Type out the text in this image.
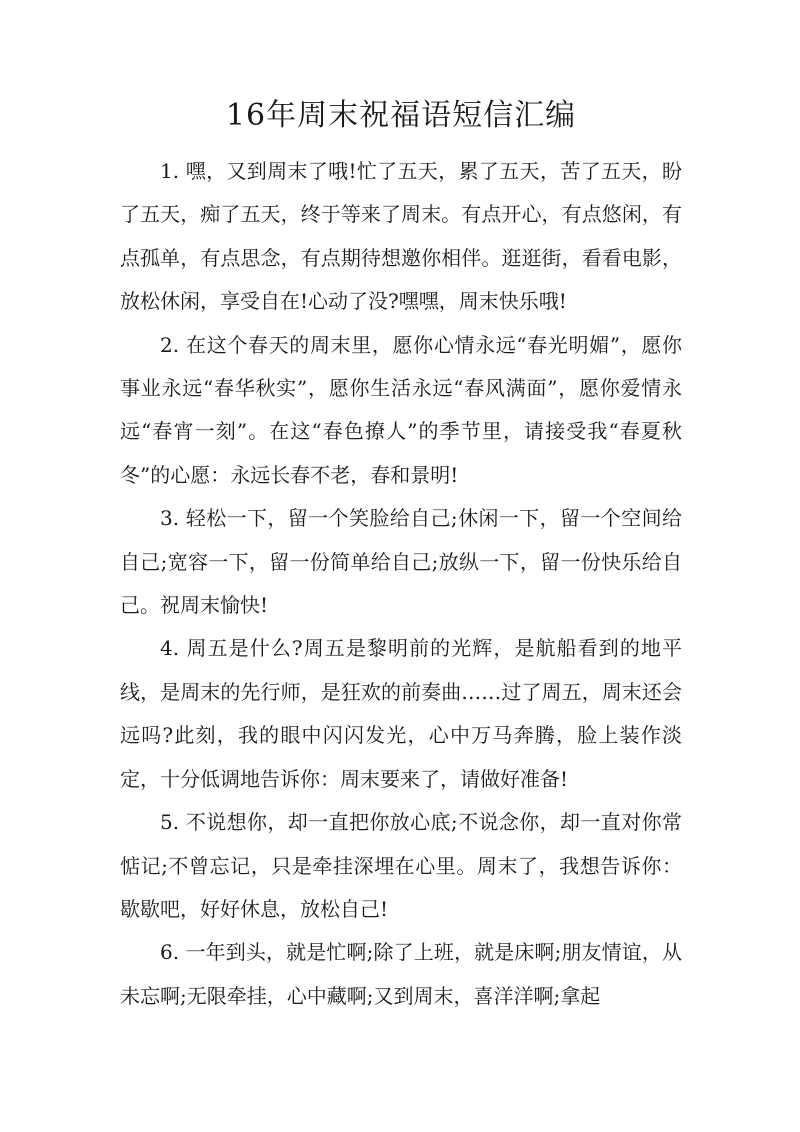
16年周末祝福语短信汇编

1. 嘿，又到周末了哦!忙了五天，累了五天，苦了五天，盼了五天，痴了五天，终于等来了周末。有点开心，有点悠闲，有点孤单，有点思念，有点期待想邀你相伴。逛逛街，看看电影，放松休闲，享受自在!心动了没?嘿嘿，周末快乐哦!

2. 在这个春天的周末里，愿你心情永远“春光明媚”，愿你事业永远“春华秋实”，愿你生活永远“春风满面”，愿你爱情永远“春宵一刻”。在这“春色撩人”的季节里，请接受我“春夏秋冬”的心愿：永远长春不老，春和景明!

3. 轻松一下，留一个笑脸给自己;休闲一下，留一个空间给自己;宽容一下，留一份简单给自己;放纵一下，留一份快乐给自己。祝周末愉快!

4. 周五是什么?周五是黎明前的光辉，是航船看到的地平线，是周末的先行师，是狂欢的前奏曲……过了周五，周末还会远吗?此刻，我的眼中闪闪发光，心中万马奔腾，脸上装作淡定，十分低调地告诉你：周末要来了，请做好准备!

5. 不说想你，却一直把你放心底;不说念你，却一直对你常惦记;不曾忘记，只是牵挂深埋在心里。周末了，我想告诉你：歇歇吧，好好休息，放松自己!

6. 一年到头，就是忙啊;除了上班，就是床啊;朋友情谊，从未忘啊;无限牵挂，心中藏啊;又到周末，喜洋洋啊;拿起
